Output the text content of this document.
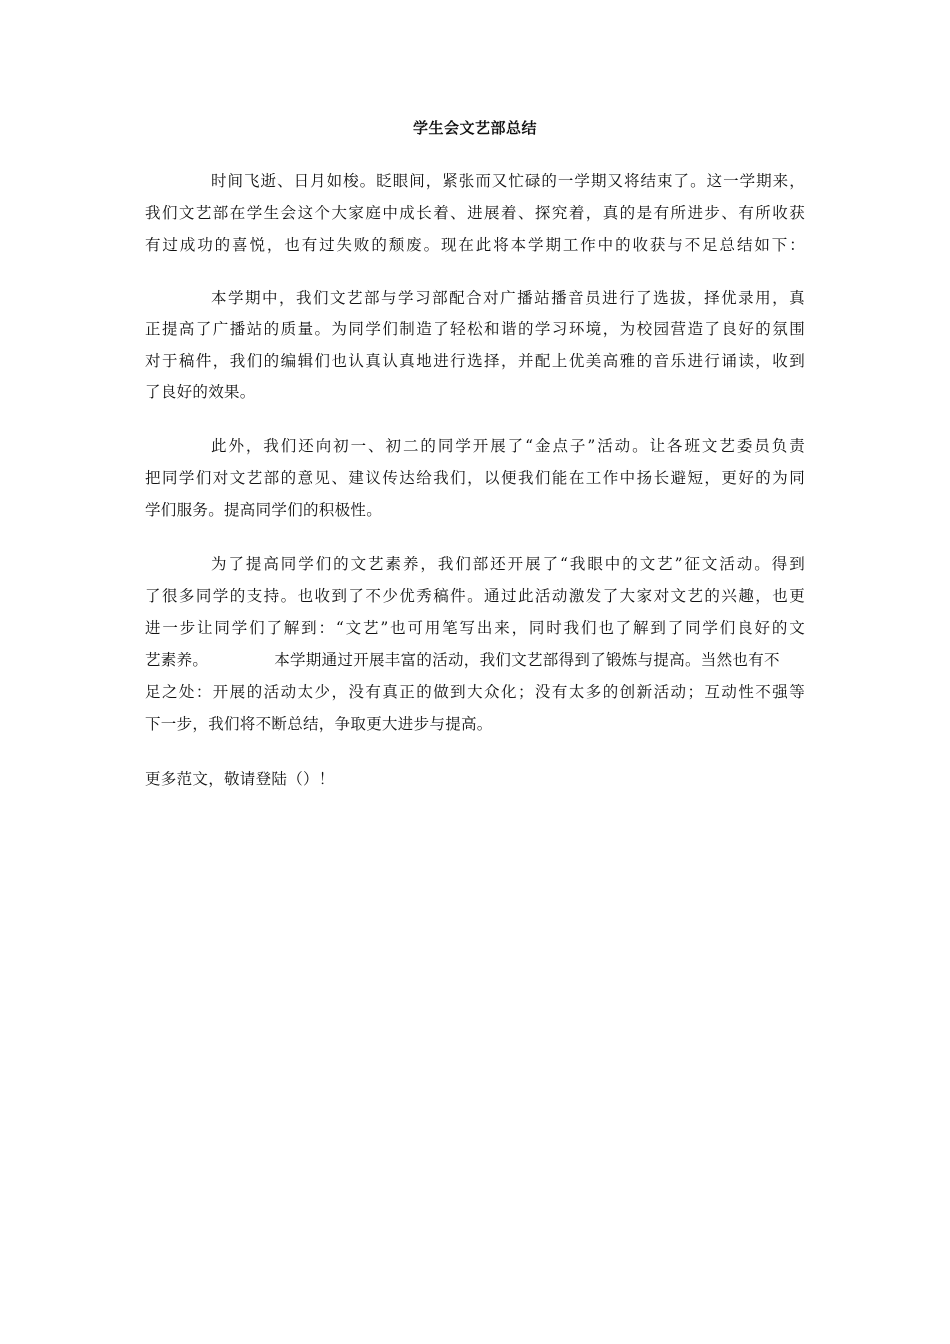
学生会文艺部总结
时间飞逝、日月如梭。眨眼间，紧张而又忙碌的一学期又将结束了。这一学期来，
我们文艺部在学生会这个大家庭中成长着、进展着、探究着，真的是有所进步、有所收获
有过成功的喜悦，也有过失败的颓废。现在此将本学期工作中的收获与不足总结如下：
本学期中，我们文艺部与学习部配合对广播站播音员进行了选拔，择优录用，真
正提高了广播站的质量。为同学们制造了轻松和谐的学习环境，为校园营造了良好的氛围
对于稿件，我们的编辑们也认真认真地进行选择，并配上优美高雅的音乐进行诵读，收到
了良好的效果。
此外，我们还向初一、初二的同学开展了“金点子”活动。让各班文艺委员负责
把同学们对文艺部的意见、建议传达给我们，以便我们能在工作中扬长避短，更好的为同
学们服务。提高同学们的积极性。
为了提高同学们的文艺素养，我们部还开展了“我眼中的文艺”征文活动。得到
了很多同学的支持。也收到了不少优秀稿件。通过此活动激发了大家对文艺的兴趣，也更
进一步让同学们了解到：“文艺”也可用笔写出来，同时我们也了解到了同学们良好的文
艺素养。	本学期通过开展丰富的活动，我们文艺部得到了锻炼与提高。当然也有不
足之处：开展的活动太少，没有真正的做到大众化；没有太多的创新活动；互动性不强等
下一步，我们将不断总结，争取更大进步与提高。
更多范文，敬请登陆（）！
